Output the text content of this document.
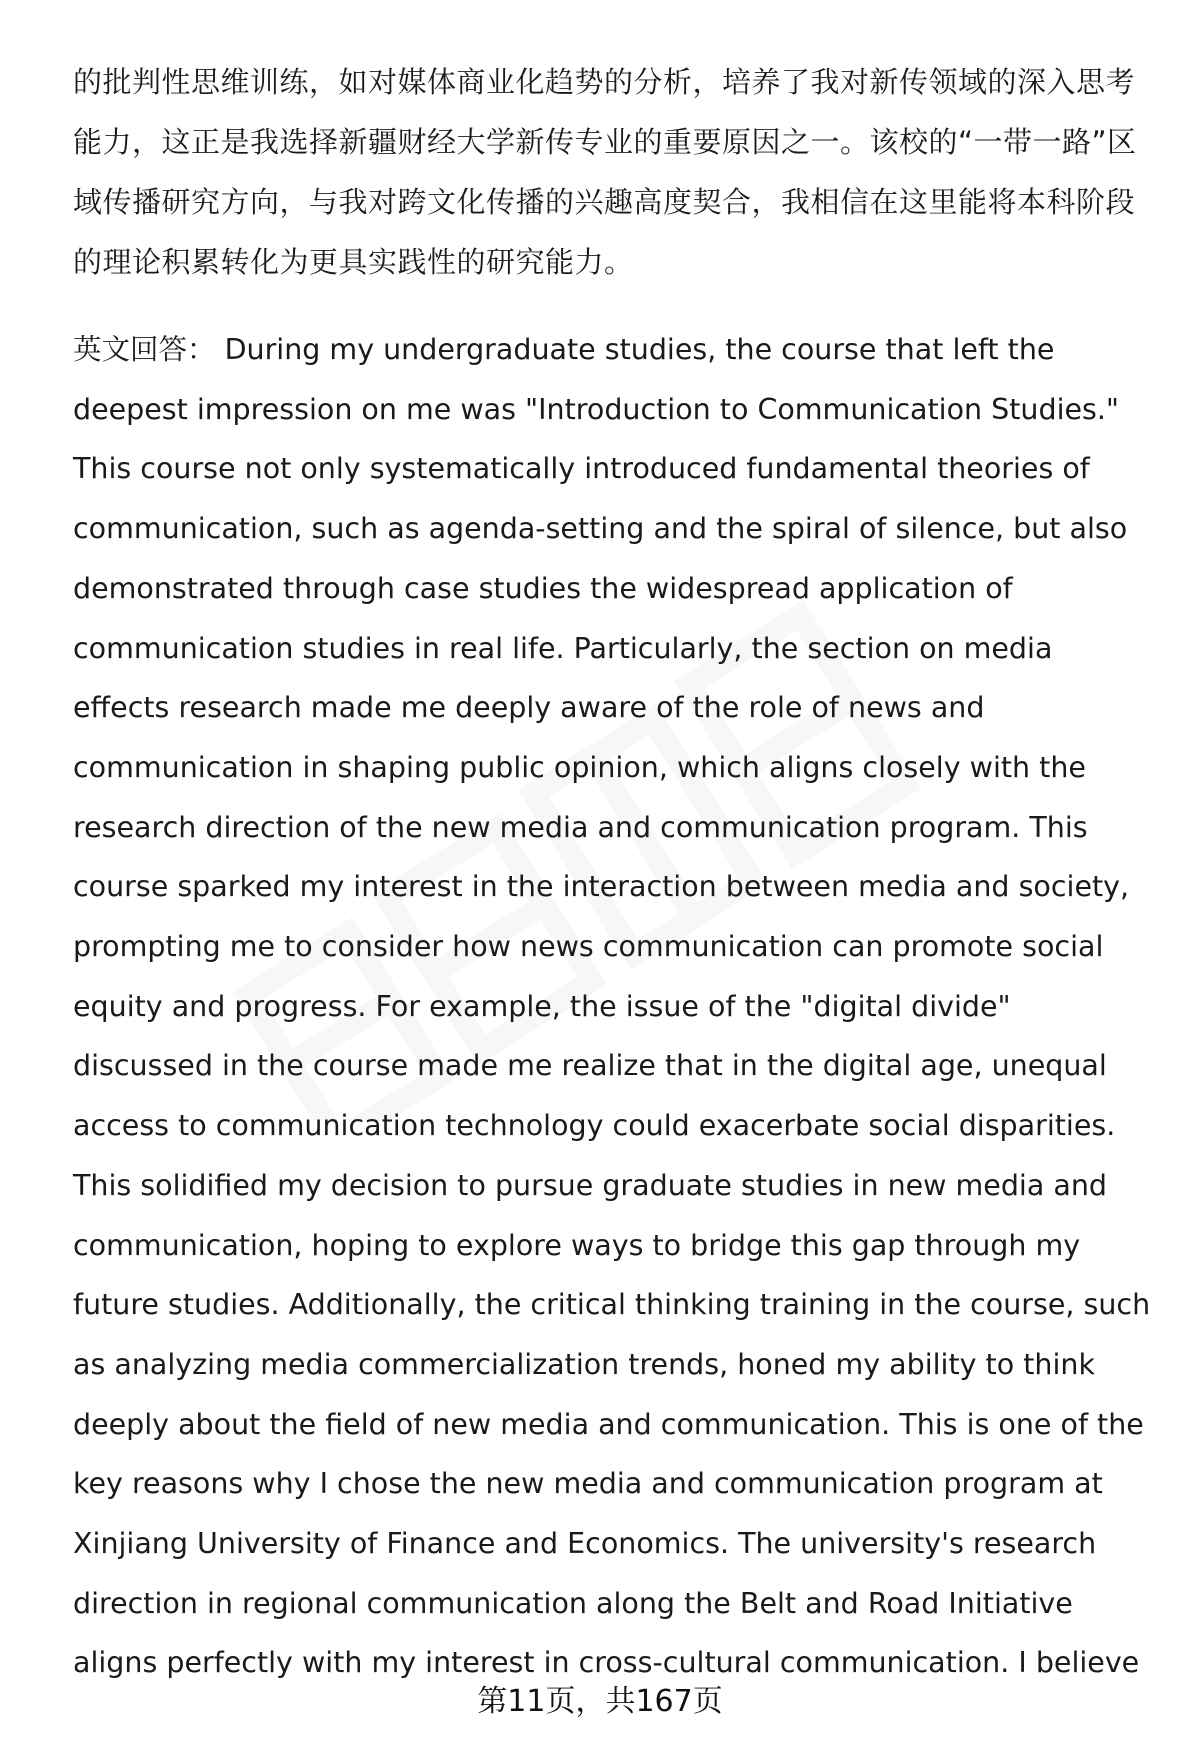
的批判性思维训练，如对媒体商业化趋势的分析，培养了我对新传领域的深入思考能力，这正是我选择新疆财经大学新传专业的重要原因之一。该校的“一带一路”区域传播研究方向，与我对跨文化传播的兴趣高度契合，我相信在这里能将本科阶段的理论积累转化为更具实践性的研究能力。

英文回答： During my undergraduate studies, the course that left the deepest impression on me was "Introduction to Communication Studies." This course not only systematically introduced fundamental theories of communication, such as agenda-setting and the spiral of silence, but also demonstrated through case studies the widespread application of communication studies in real life. Particularly, the section on media effects research made me deeply aware of the role of news and communication in shaping public opinion, which aligns closely with the research direction of the new media and communication program. This course sparked my interest in the interaction between media and society, prompting me to consider how news communication can promote social equity and progress. For example, the issue of the "digital divide" discussed in the course made me realize that in the digital age, unequal access to communication technology could exacerbate social disparities. This solidified my decision to pursue graduate studies in new media and communication, hoping to explore ways to bridge this gap through my future studies. Additionally, the critical thinking training in the course, such as analyzing media commercialization trends, honed my ability to think deeply about the field of new media and communication. This is one of the key reasons why I chose the new media and communication program at Xinjiang University of Finance and Economics. The university's research direction in regional communication along the Belt and Road Initiative aligns perfectly with my interest in cross-cultural communication. I believe

第11页，共167页
